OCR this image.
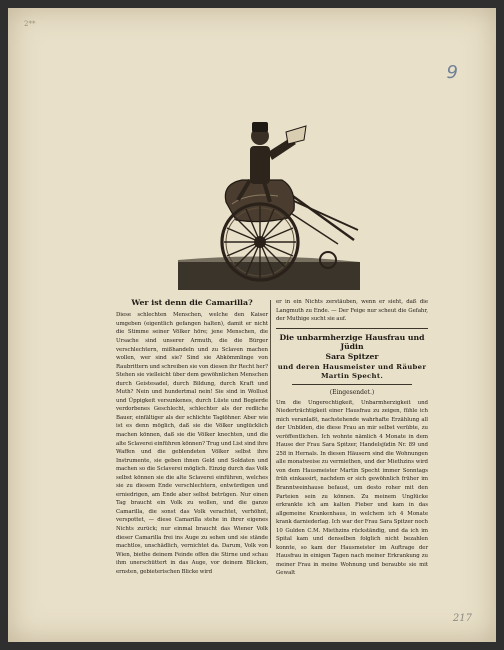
2**
9

Wer ist denn die Camarilla?

Diese schlechten Menschen, welche den Kaiser umgeben (eigentlich gefangen halten), damit er nicht die Stimme seiner Völker höre; jene Menschen, die Ursache sind unserer Armuth, die die Bürger verschlechtern, mißhandeln und zu Sclaven machen wollen, wer sind sie? Sind sie Abkömmlinge von Raubrittern und schreiben sie von diesen ihr Recht her? Stehen sie vielleicht über dem gewöhnlichen Menschen durch Geistesadel, durch Bildung, durch Kraft und Muth? Nein und hundertmal nein! Sie sind in Wollust und Üppigkeit versunkenes, durch Lüste und Begierde verdorbenes Geschlecht, schlechter als der redliche Bauer, einfältiger als der schlichte Taglöhner. Aber wie ist es denn möglich, daß sie die Völker unglücklich machen können, daß sie die Völker knechten, und die alte Sclaverei einführen können? Trug und List sind ihre Waffen und die geblendeten Völker selbst ihre Instrumente, sie geben ihnen Geld und Soldaten und machen so die Sclaverei möglich. Einzig durch das Volk selbst können sie die alte Sclaverei einführen, welches sie zu diesem Ende verschlechtern, entwürdigen und erniedrigen, am Ende aber selbst betrügen. Nur einen Tag braucht ein Volk zu wollen, und die ganze Camarilla, die sonst das Volk verachtet, verhöhnt, verspottet, — diese Camarilla stehe in ihrer eigenes Nichts zurück; nur einmal braucht das Wiener Volk dieser Camarilla frei ins Auge zu sehen und sie stände machtlos, unschädlich, vernichtet da. Darum, Volk von Wien, biethe deinem Feinde offen die Stirne und schau ihm unerschüttert in das Auge, vor deinem Blicken, ernsten, gebieterischen Blicke wird

er in ein Nichts zerstäuben, wenn er sieht, daß die Langmuth zu Ende. — Der Feige nur scheut die Gefahr, der Muthige sucht sie auf.

Die unbarmherzige Hausfrau und Jüdin

Sara Spitzer

und deren Hausmeister und Räuber

Martin Specht.

(Eingesendet.)

Um die Ungerechtigkeit, Unbarmherzigkeit und Niederträchtigkeit einer Hausfrau zu zeigen, fühle ich mich veranlaßt, nachstehende wahrhafte Erzählung all der Unbilden, die diese Frau an mir selbst verübte, zu veröffentlichen. Ich wohnte nämlich 4 Monate in dem Hause der Frau Sara Spitzer, Handelsjüdin Nr. 89 und 258 in Hernals. In diesen Häusern sind die Wohnungen alle monatweise zu vermiethen, und der Miethzins wird von dem Hausmeister Martin Specht immer Sonntags früh einkassirt, nachdem er sich gewöhnlich früher im Branntweinhause befaust, um desto roher mit den Parteien sein zu können. Zu meinem Unglücke erkrankte ich am kalten Fieber und kam in das allgemeine Krankenhaus, in welchem ich 4 Monate krank darniederlag. Ich war der Frau Sara Spitzer noch 10 Gulden C.M. Miethzins rückständig, und da ich im Spital kam und denselben folglich nicht bezahlen konnte, so kam der Hausmeister im Auftrage der Hausfrau in einigen Tagen nach meiner Erkrankung zu meiner Frau in meine Wohnung und beraubte sie mit Gewalt

217
